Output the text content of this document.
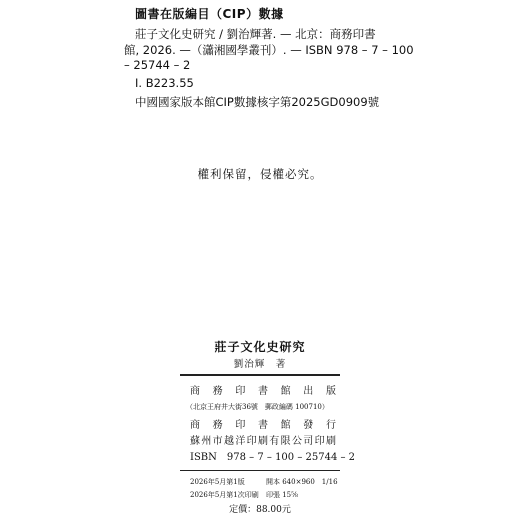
圖書在版編目（CIP）數據
莊子文化史研究 / 劉治輝著. — 北京：商務印書
館, 2026. —（瀟湘國學叢刊）. — ISBN 978 – 7 – 100
– 25744 – 2
Ⅰ. B223.55
中國國家版本館CIP數據核字第2025GD0909號
權利保留，侵權必究。
莊子文化史研究
劉治輝　著
商 務 印 書 館 出 版
（北京王府井大街36號　郵政編碼 100710）
商 務 印 書 館 發 行
蘇 州 市 越 洋 印 刷 有 限 公 司 印 刷
ISBN　978 – 7 – 100 – 25744 – 2
2026年5月第1版	開本 640×960　1/16
2026年5月第1次印刷 印張 15⅝
定價：88.00元
